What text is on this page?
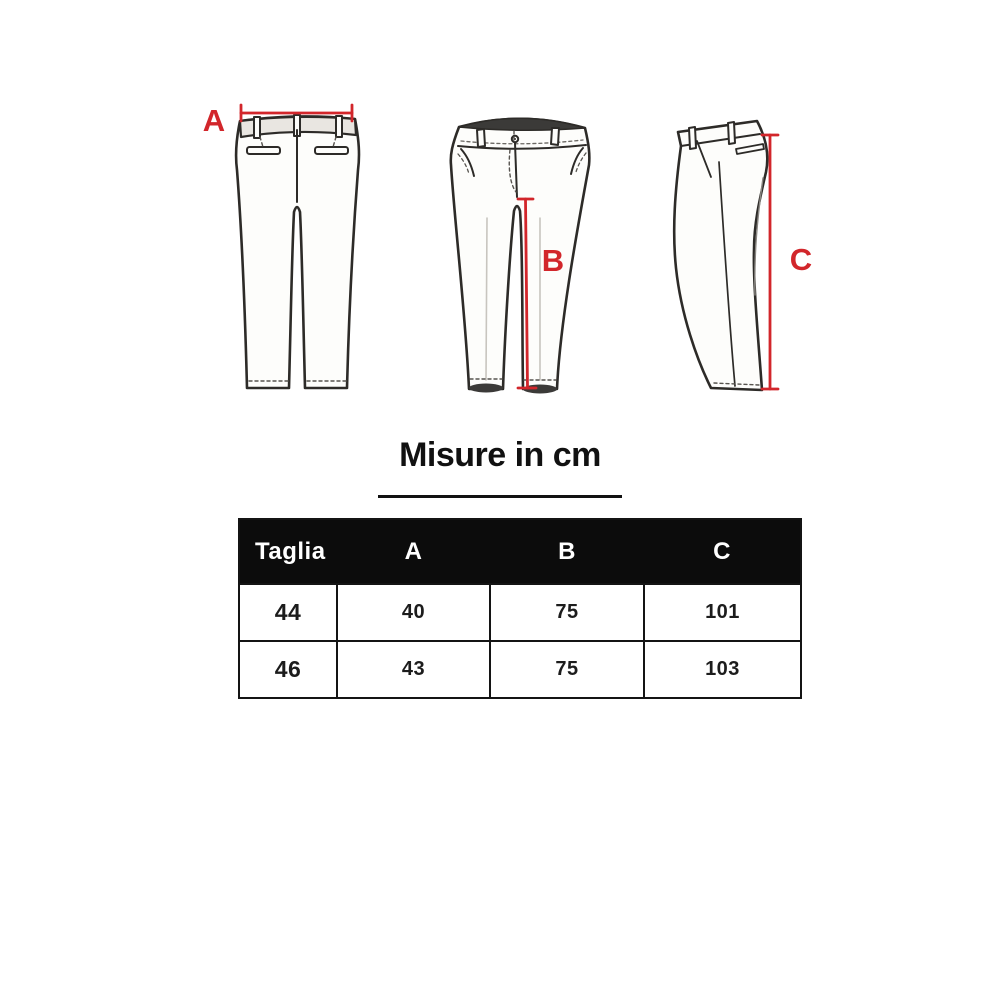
A
B	C
Misure in cm
Taglia	A	B	C
44	40	75	101
46	43	75	103
